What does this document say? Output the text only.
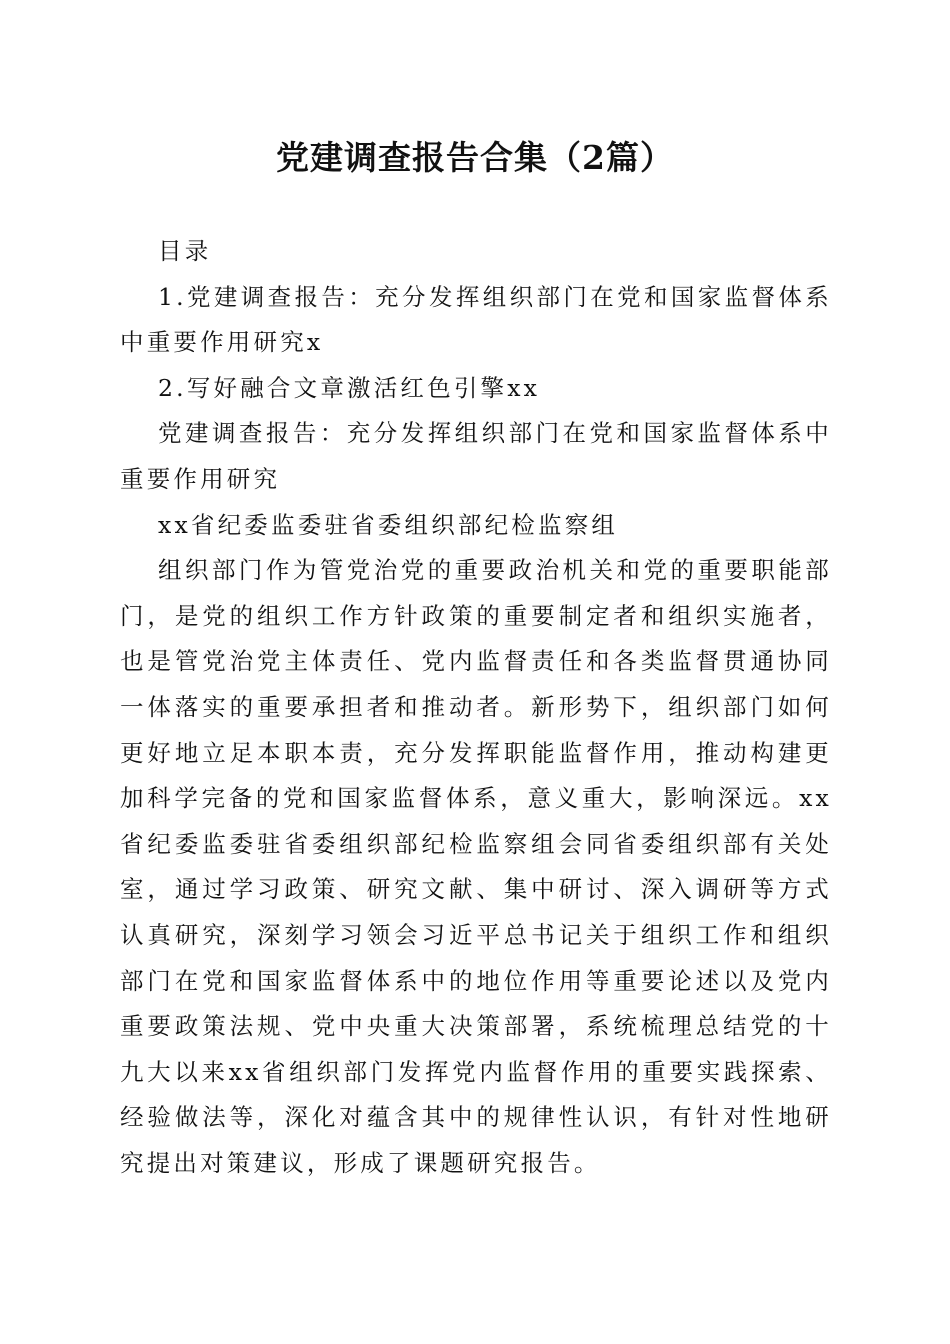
党建调查报告合集（2篇）

目录

1.党建调查报告：充分发挥组织部门在党和国家监督体系中重要作用研究x

2.写好融合文章激活红色引擎xx

党建调查报告：充分发挥组织部门在党和国家监督体系中重要作用研究

xx省纪委监委驻省委组织部纪检监察组

组织部门作为管党治党的重要政治机关和党的重要职能部门，是党的组织工作方针政策的重要制定者和组织实施者，也是管党治党主体责任、党内监督责任和各类监督贯通协同一体落实的重要承担者和推动者。新形势下，组织部门如何更好地立足本职本责，充分发挥职能监督作用，推动构建更加科学完备的党和国家监督体系，意义重大，影响深远。xx省纪委监委驻省委组织部纪检监察组会同省委组织部有关处室，通过学习政策、研究文献、集中研讨、深入调研等方式认真研究，深刻学习领会习近平总书记关于组织工作和组织部门在党和国家监督体系中的地位作用等重要论述以及党内重要政策法规、党中央重大决策部署，系统梳理总结党的十九大以来xx省组织部门发挥党内监督作用的重要实践探索、经验做法等，深化对蕴含其中的规律性认识，有针对性地研究提出对策建议，形成了课题研究报告。
